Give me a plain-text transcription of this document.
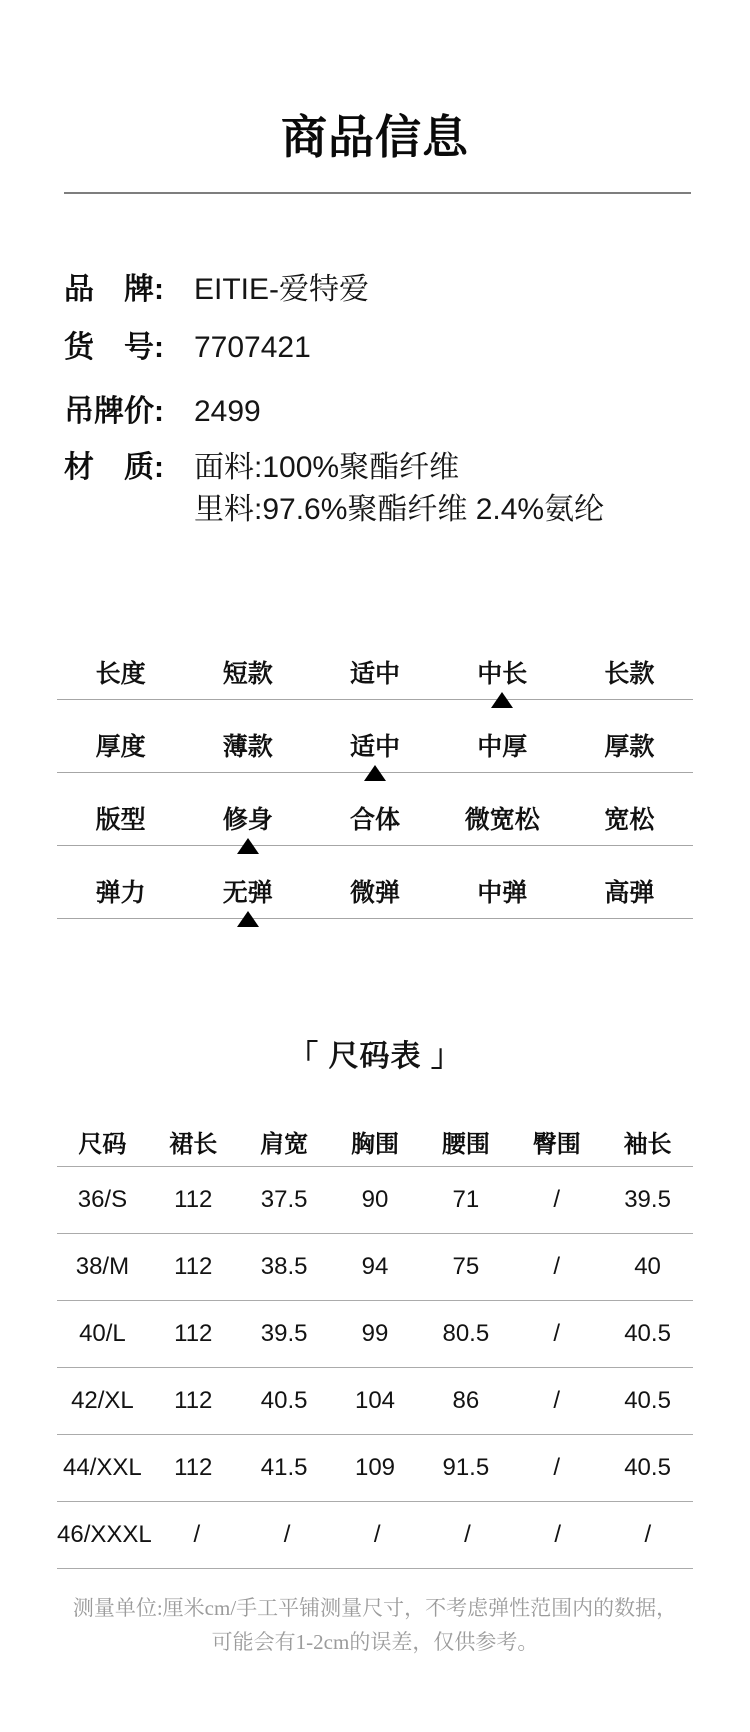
商品信息
品　牌:	EITIE-爱特爱
货　号:	7707421
吊牌价:	2499
材　质:	面料:100%聚酯纤维
里料:97.6%聚酯纤维 2.4%氨纶
长度	短款	适中	中长	长款
厚度	薄款	适中	中厚	厚款
版型	修身	合体	微宽松	宽松
弹力	无弹	微弹	中弹	高弹
「 尺码表 」
尺码	裙长	肩宽	胸围	腰围	臀围	袖长
36/S	112	37.5	90	71	/	39.5
38/M	112	38.5	94	75	/	40
40/L	112	39.5	99	80.5	/	40.5
42/XL	112	40.5	104	86	/	40.5
44/XXL	112	41.5	109	91.5	/	40.5
46/XXXL	/	/	/	/	/	/
测量单位:厘米cm/手工平铺测量尺寸，不考虑弹性范围内的数据，
可能会有1-2cm的误差，仅供参考。
